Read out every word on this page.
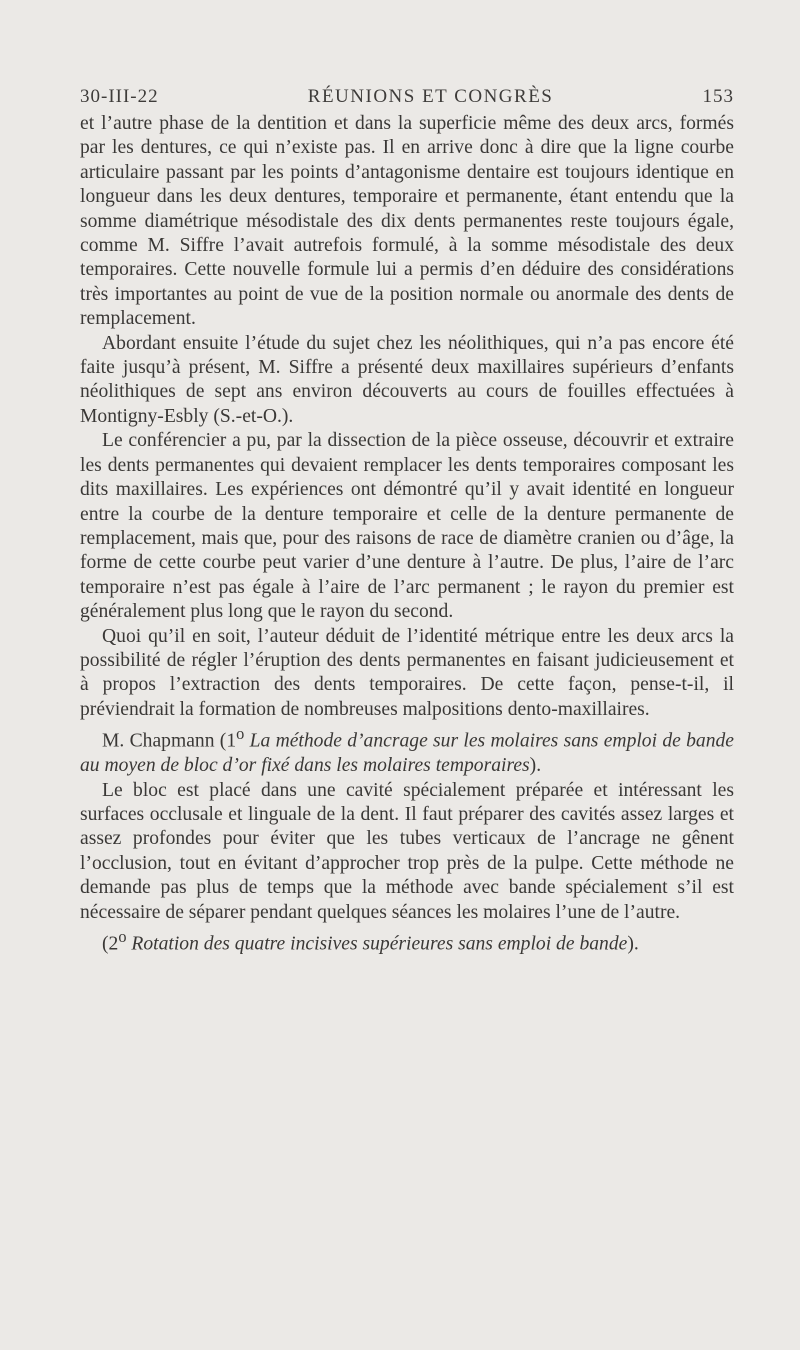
30-III-22	RÉUNIONS ET CONGRÈS	153

et l’autre phase de la dentition et dans la superficie même des deux arcs, formés par les dentures, ce qui n’existe pas. Il en arrive donc à dire que la ligne courbe articulaire passant par les points d’antagonisme dentaire est toujours identique en longueur dans les deux dentures, temporaire et permanente, étant entendu que la somme diamétrique mésodistale des dix dents permanentes reste toujours égale, comme M. Siffre l’avait autrefois formulé, à la somme mésodistale des deux temporaires. Cette nouvelle formule lui a permis d’en déduire des considérations très importantes au point de vue de la position normale ou anormale des dents de remplacement.

Abordant ensuite l’étude du sujet chez les néolithiques, qui n’a pas encore été faite jusqu’à présent, M. Siffre a présenté deux maxillaires supérieurs d’enfants néolithiques de sept ans environ découverts au cours de fouilles effectuées à Montigny-Esbly (S.-et-O.).

Le conférencier a pu, par la dissection de la pièce osseuse, découvrir et extraire les dents permanentes qui devaient remplacer les dents temporaires composant les dits maxillaires. Les expériences ont démontré qu’il y avait identité en longueur entre la courbe de la denture temporaire et celle de la denture permanente de remplacement, mais que, pour des raisons de race de diamètre cranien ou d’âge, la forme de cette courbe peut varier d’une denture à l’autre. De plus, l’aire de l’arc temporaire n’est pas égale à l’aire de l’arc permanent ; le rayon du premier est généralement plus long que le rayon du second.

Quoi qu’il en soit, l’auteur déduit de l’identité métrique entre les deux arcs la possibilité de régler l’éruption des dents permanentes en faisant judicieusement et à propos l’extraction des dents temporaires. De cette façon, pense-t-il, il préviendrait la formation de nombreuses malpositions dento-maxillaires.

M. Chapmann (1$^o$ La méthode d’ancrage sur les molaires sans emploi de bande au moyen de bloc d’or fixé dans les molaires temporaires).

Le bloc est placé dans une cavité spécialement préparée et intéressant les surfaces occlusale et linguale de la dent. Il faut préparer des cavités assez larges et assez profondes pour éviter que les tubes verticaux de l’ancrage ne gênent l’occlusion, tout en évitant d’approcher trop près de la pulpe. Cette méthode ne demande pas plus de temps que la méthode avec bande spécialement s’il est nécessaire de séparer pendant quelques séances les molaires l’une de l’autre.

(2$^o$ Rotation des quatre incisives supérieures sans emploi de bande).
